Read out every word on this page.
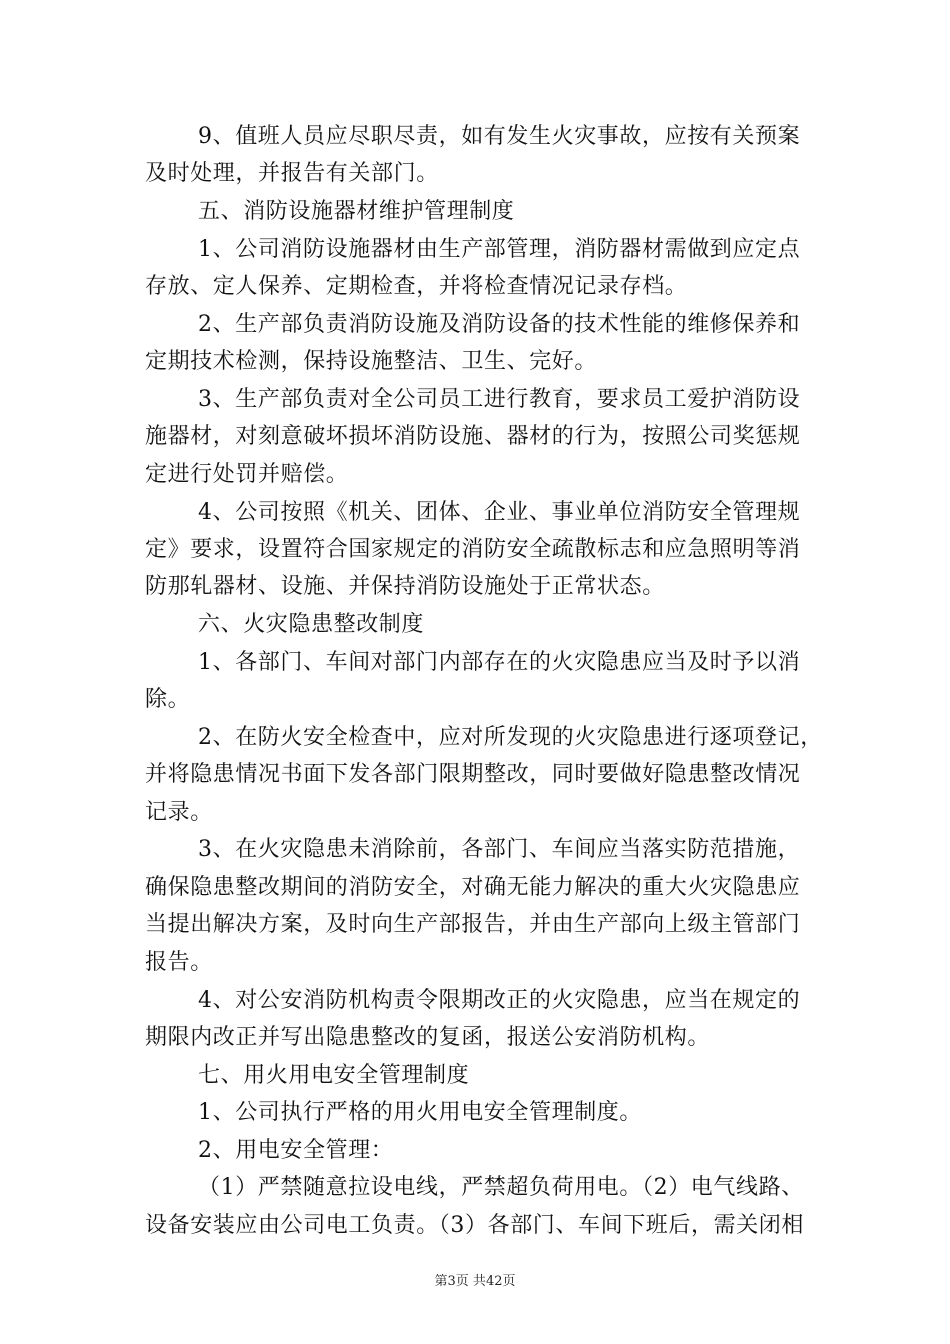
9、值班人员应尽职尽责，如有发生火灾事故，应按有关预案
及时处理，并报告有关部门。
五、消防设施器材维护管理制度
1、公司消防设施器材由生产部管理，消防器材需做到应定点
存放、定人保养、定期检查，并将检查情况记录存档。
2、生产部负责消防设施及消防设备的技术性能的维修保养和
定期技术检测，保持设施整洁、卫生、完好。
3、生产部负责对全公司员工进行教育，要求员工爱护消防设
施器材，对刻意破坏损坏消防设施、器材的行为，按照公司奖惩规
定进行处罚并赔偿。
4、公司按照《机关、团体、企业、事业单位消防安全管理规
定》要求，设置符合国家规定的消防安全疏散标志和应急照明等消
防那轧器材、设施、并保持消防设施处于正常状态。
六、火灾隐患整改制度
1、各部门、车间对部门内部存在的火灾隐患应当及时予以消
除。
2、在防火安全检查中，应对所发现的火灾隐患进行逐项登记，
并将隐患情况书面下发各部门限期整改，同时要做好隐患整改情况
记录。
3、在火灾隐患未消除前，各部门、车间应当落实防范措施，
确保隐患整改期间的消防安全，对确无能力解决的重大火灾隐患应
当提出解决方案，及时向生产部报告，并由生产部向上级主管部门
报告。
4、对公安消防机构责令限期改正的火灾隐患，应当在规定的
期限内改正并写出隐患整改的复函，报送公安消防机构。
七、用火用电安全管理制度
1、公司执行严格的用火用电安全管理制度。
2、用电安全管理：
（1）严禁随意拉设电线，严禁超负荷用电。（2）电气线路、
设备安装应由公司电工负责。（3）各部门、车间下班后，需关闭相
第3页 共42页
